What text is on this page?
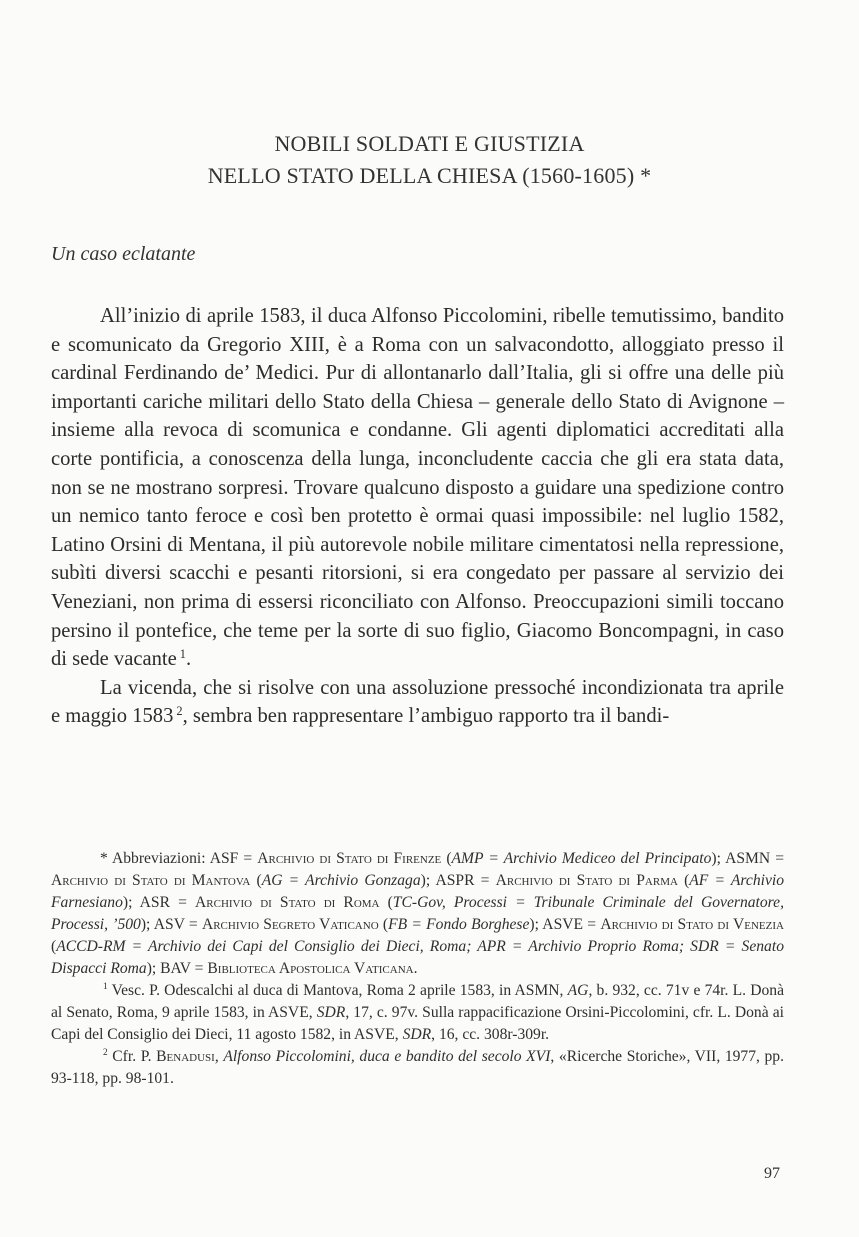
NOBILI SOLDATI E GIUSTIZIA
NELLO STATO DELLA CHIESA (1560-1605) *
Un caso eclatante

All’inizio di aprile 1583, il duca Alfonso Piccolomini, ribelle temutissimo, bandito e scomunicato da Gregorio XIII, è a Roma con un salvacondotto, alloggiato presso il cardinal Ferdinando de’ Medici. Pur di allontanarlo dall’Italia, gli si offre una delle più importanti cariche militari dello Stato della Chiesa – generale dello Stato di Avignone – insieme alla revoca di scomunica e condanne. Gli agenti diplomatici accreditati alla corte pontificia, a conoscenza della lunga, inconcludente caccia che gli era stata data, non se ne mostrano sorpresi. Trovare qualcuno disposto a guidare una spedizione contro un nemico tanto feroce e così ben protetto è ormai quasi impossibile: nel luglio 1582, Latino Orsini di Mentana, il più autorevole nobile militare cimentatosi nella repressione, subìti diversi scacchi e pesanti ritorsioni, si era congedato per passare al servizio dei Veneziani, non prima di essersi riconciliato con Alfonso. Preoccupazioni simili toccano persino il pontefice, che teme per la sorte di suo figlio, Giacomo Boncompagni, in caso di sede vacante $^1$.

La vicenda, che si risolve con una assoluzione pressoché incondizionata tra aprile e maggio 1583 $^2$, sembra ben rappresentare l’ambiguo rapporto tra il bandi-

* Abbreviazioni: ASF = Archivio di Stato di Firenze (AMP = Archivio Mediceo del Principato); ASMN = Archivio di Stato di Mantova (AG = Archivio Gonzaga); ASPR = Archivio di Stato di Parma (AF = Archivio Farnesiano); ASR = Archivio di Stato di Roma (TC-Gov, Processi = Tribunale Criminale del Governatore, Processi, ’500); ASV = Archivio Segreto Vaticano (FB = Fondo Borghese); ASVE = Archivio di Stato di Venezia (ACCD-RM = Archivio dei Capi del Consiglio dei Dieci, Roma; APR = Archivio Proprio Roma; SDR = Senato Dispacci Roma); BAV = Biblioteca Apostolica Vaticana.

$^1$ Vesc. P. Odescalchi al duca di Mantova, Roma 2 aprile 1583, in ASMN, AG, b. 932, cc. 71v e 74r. L. Donà al Senato, Roma, 9 aprile 1583, in ASVE, SDR, 17, c. 97v. Sulla rappacificazione Orsini-Piccolomini, cfr. L. Donà ai Capi del Consiglio dei Dieci, 11 agosto 1582, in ASVE, SDR, 16, cc. 308r-309r.

$^2$ Cfr. P. Benadusi, Alfonso Piccolomini, duca e bandito del secolo XVI, «Ricerche Storiche», VII, 1977, pp. 93-118, pp. 98-101.

97
